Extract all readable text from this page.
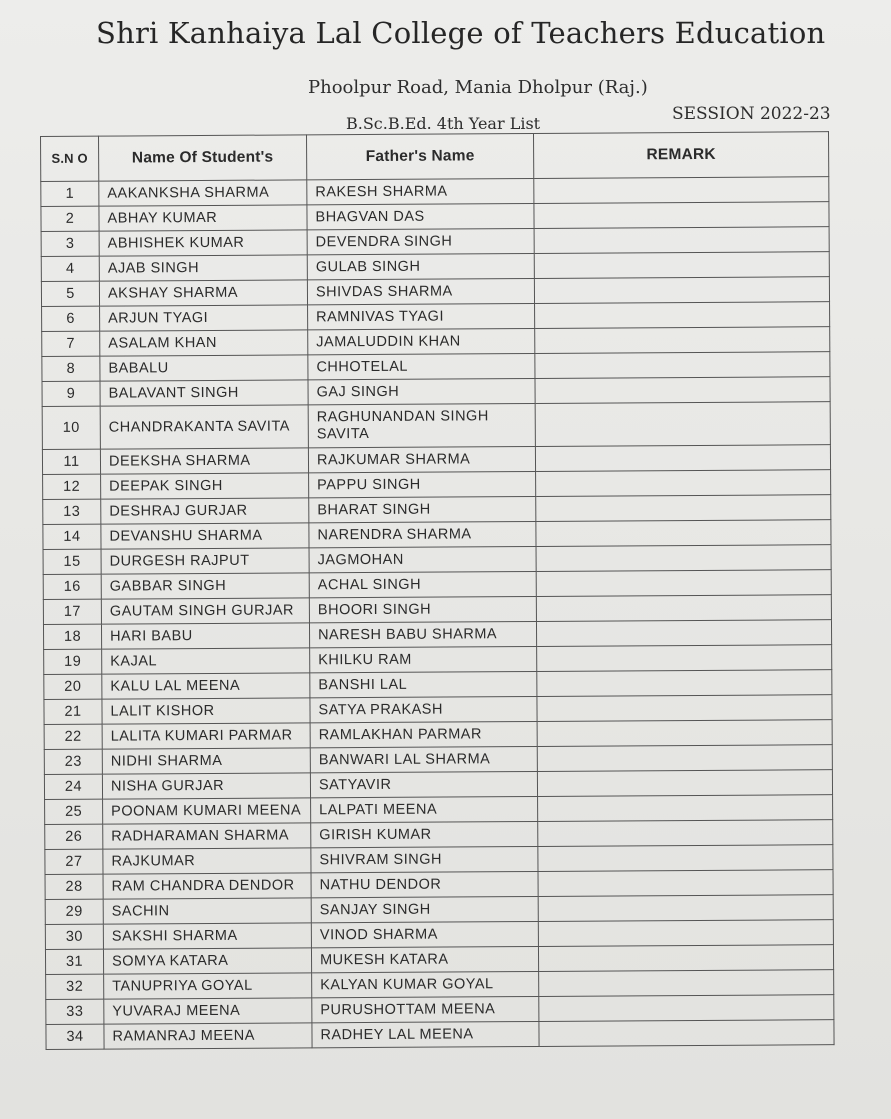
Shri Kanhaiya Lal College of Teachers Education
Phoolpur Road, Mania Dholpur (Raj.)
B.Sc.B.Ed. 4th Year List	SESSION 2022-23
S.N O	Name Of Student's	Father's Name	REMARK
1	AAKANKSHA SHARMA	RAKESH SHARMA	
2	ABHAY KUMAR	BHAGVAN DAS	
3	ABHISHEK KUMAR	DEVENDRA SINGH	
4	AJAB SINGH	GULAB SINGH	
5	AKSHAY SHARMA	SHIVDAS SHARMA	
6	ARJUN TYAGI	RAMNIVAS TYAGI	
7	ASALAM KHAN	JAMALUDDIN KHAN	
8	BABALU	CHHOTELAL	
9	BALAVANT SINGH	GAJ SINGH	
10	CHANDRAKANTA SAVITA	RAGHUNANDAN SINGH SAVITA	
11	DEEKSHA SHARMA	RAJKUMAR SHARMA	
12	DEEPAK SINGH	PAPPU SINGH	
13	DESHRAJ GURJAR	BHARAT SINGH	
14	DEVANSHU SHARMA	NARENDRA SHARMA	
15	DURGESH RAJPUT	JAGMOHAN	
16	GABBAR SINGH	ACHAL SINGH	
17	GAUTAM SINGH GURJAR	BHOORI SINGH	
18	HARI BABU	NARESH BABU SHARMA	
19	KAJAL	KHILKU RAM	
20	KALU LAL MEENA	BANSHI LAL	
21	LALIT KISHOR	SATYA PRAKASH	
22	LALITA KUMARI PARMAR	RAMLAKHAN PARMAR	
23	NIDHI SHARMA	BANWARI LAL SHARMA	
24	NISHA GURJAR	SATYAVIR	
25	POONAM KUMARI MEENA	LALPATI MEENA	
26	RADHARAMAN SHARMA	GIRISH KUMAR	
27	RAJKUMAR	SHIVRAM SINGH	
28	RAM CHANDRA DENDOR	NATHU DENDOR	
29	SACHIN	SANJAY SINGH	
30	SAKSHI SHARMA	VINOD SHARMA	
31	SOMYA KATARA	MUKESH KATARA	
32	TANUPRIYA GOYAL	KALYAN KUMAR GOYAL	
33	YUVARAJ MEENA	PURUSHOTTAM MEENA	
34	RAMANRAJ MEENA	RADHEY LAL MEENA	
